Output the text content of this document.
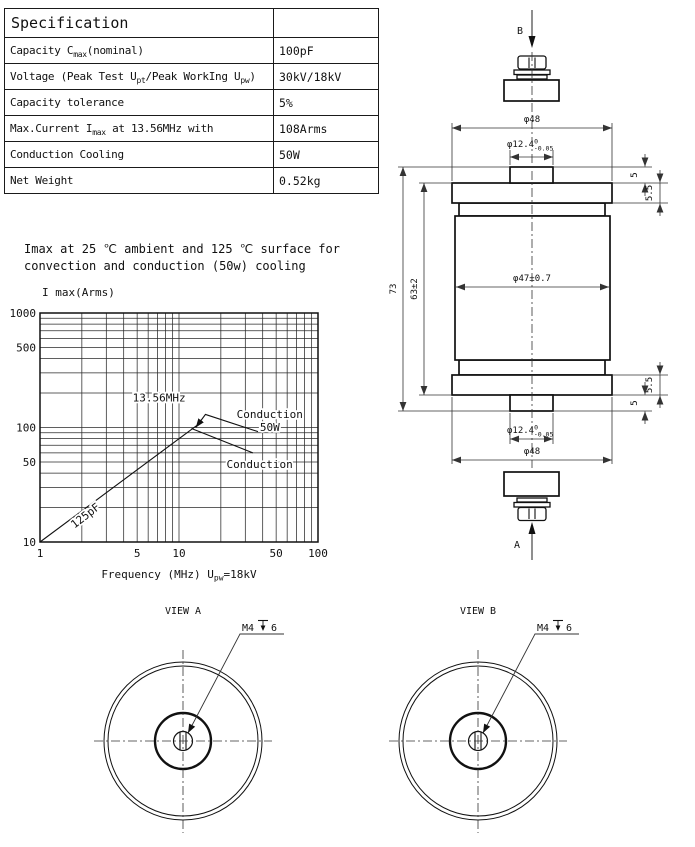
Specification	
Capacity $C_{max}(nominal)$	100pF
Voltage (Peak Test $U_{pt}$/Peak WorkIng $U_{pw}$)	30kV/18kV
Capacity tolerance	5%
Max.Current $I_{max}$ at 13.56MHz with	108Arms
Conduction Cooling	50W
Net Weight	0.52kg
Imax at 25 ℃ ambient and 125 ℃ surface for
convection and conduction (50w) cooling
I max(Arms)
1	5	10	50 100
10
50
100
500
1000
13.56MHz
Conduction 50W
Conduction
125pF
Frequency (MHz) $U_{pw}=18kV$
B
φ48
φ12.4$^0$ -0.05
φ47±0.7
73 63±2
5
5.5
5.5
5
φ12.4$^0$ -0.05
φ48
A
VIEW A
M4 6
VIEW B
M4 6
